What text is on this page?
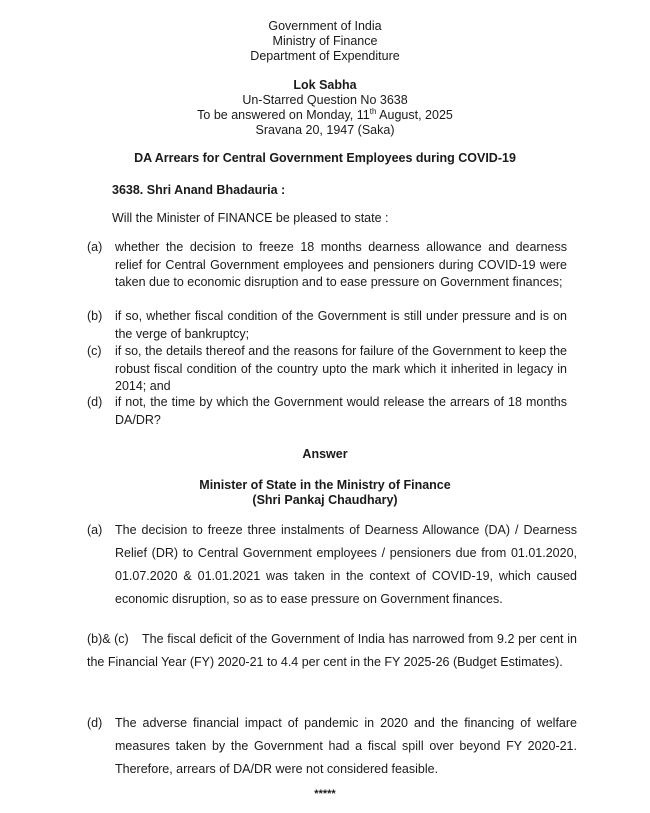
Government of India
Ministry of Finance
Department of Expenditure
Lok Sabha
Un-Starred Question No 3638
To be answered on Monday, 11th August, 2025
Sravana 20, 1947 (Saka)
DA Arrears for Central Government Employees during COVID-19
3638. Shri Anand Bhadauria :
Will the Minister of FINANCE be pleased to state :
(a) whether the decision to freeze 18 months dearness allowance and dearness relief for Central Government employees and pensioners during COVID-19 were taken due to economic disruption and to ease pressure on Government finances;
(b) if so, whether fiscal condition of the Government is still under pressure and is on the verge of bankruptcy;
(c) if so, the details thereof and the reasons for failure of the Government to keep the robust fiscal condition of the country upto the mark which it inherited in legacy in 2014; and
(d) if not, the time by which the Government would release the arrears of 18 months DA/DR?
Answer
Minister of State in the Ministry of Finance
(Shri Pankaj Chaudhary)
(a) The decision to freeze three instalments of Dearness Allowance (DA) / Dearness Relief (DR) to Central Government employees / pensioners due from 01.01.2020, 01.07.2020 & 01.01.2021 was taken in the context of COVID-19, which caused economic disruption, so as to ease pressure on Government finances.
(b)& (c)	The fiscal deficit of the Government of India has narrowed from 9.2 per cent in the Financial Year (FY) 2020-21 to 4.4 per cent in the FY 2025-26 (Budget Estimates).
(d) The adverse financial impact of pandemic in 2020 and the financing of welfare measures taken by the Government had a fiscal spill over beyond FY 2020-21. Therefore, arrears of DA/DR were not considered feasible.
*****
